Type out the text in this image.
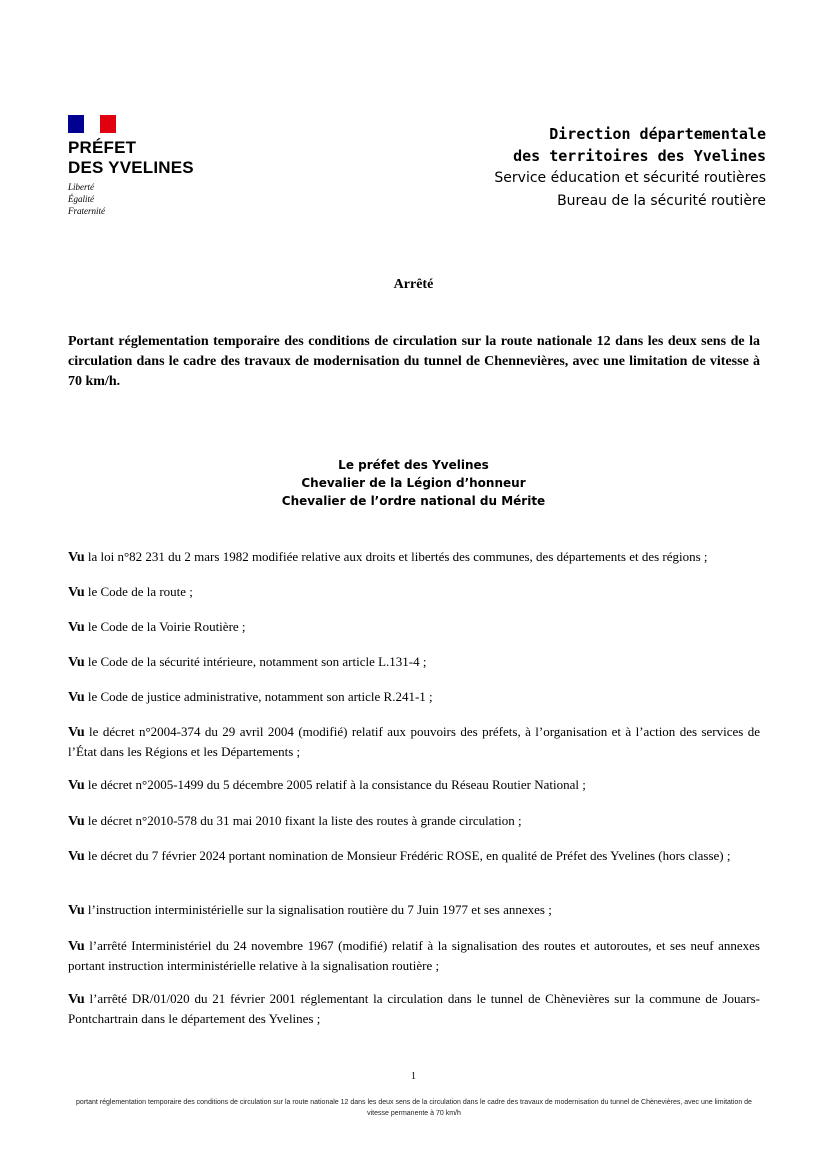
PRÉFET
DES YVELINES
Liberté
Égalité
Fraternité
Direction départementale
des territoires des Yvelines
Service éducation et sécurité routières
Bureau de la sécurité routière
Arrêté
Portant réglementation temporaire des conditions de circulation sur la route nationale 12 dans les deux sens de la circulation dans le cadre des travaux de modernisation du tunnel de Chennevières, avec une limitation de vitesse à 70 km/h.
Le préfet des Yvelines
Chevalier de la Légion d’honneur
Chevalier de l’ordre national du Mérite
Vu la loi n°82 231 du 2 mars 1982 modifiée relative aux droits et libertés des communes, des départements et des régions ;
Vu le Code de la route ;
Vu le Code de la Voirie Routière ;
Vu le Code de la sécurité intérieure, notamment son article L.131-4 ;
Vu le Code de justice administrative, notamment son article R.241-1 ;
Vu le décret n°2004-374 du 29 avril 2004 (modifié) relatif aux pouvoirs des préfets, à l’organisation et à l’action des services de l’État dans les Régions et les Départements ;
Vu le décret n°2005-1499 du 5 décembre 2005 relatif à la consistance du Réseau Routier National ;
Vu le décret n°2010-578 du 31 mai 2010 fixant la liste des routes à grande circulation ;
Vu le décret du 7 février 2024 portant nomination de Monsieur Frédéric ROSE, en qualité de Préfet des Yvelines (hors classe) ;
Vu l’instruction interministérielle sur la signalisation routière du 7 Juin 1977 et ses annexes ;
Vu l’arrêté Interministériel du 24 novembre 1967 (modifié) relatif à la signalisation des routes et autoroutes, et ses neuf annexes portant instruction interministérielle relative à la signalisation routière ;
Vu l’arrêté DR/01/020 du 21 février 2001 réglementant la circulation dans le tunnel de Chènevières sur la commune de Jouars-Pontchartrain dans le département des Yvelines ;
1
portant réglementation temporaire des conditions de circulation sur la route nationale 12 dans les deux sens de la circulation dans le cadre des travaux de modernisation du tunnel de Chènevières, avec une limitation de vitesse permanente à 70 km/h
